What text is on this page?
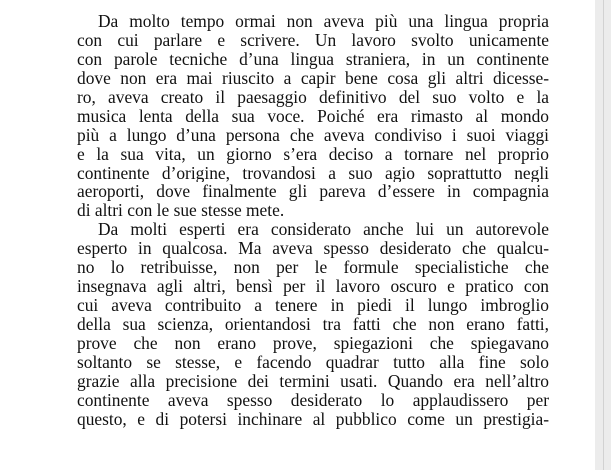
Da molto tempo ormai non aveva più una lingua propria
con cui parlare e scrivere. Un lavoro svolto unicamente
con parole tecniche d’una lingua straniera, in un continente
dove non era mai riuscito a capir bene cosa gli altri dicesse-
ro, aveva creato il paesaggio definitivo del suo volto e la
musica lenta della sua voce. Poiché era rimasto al mondo
più a lungo d’una persona che aveva condiviso i suoi viaggi
e la sua vita, un giorno s’era deciso a tornare nel proprio
continente d’origine, trovandosi a suo agio soprattutto negli
aeroporti, dove finalmente gli pareva d’essere in compagnia
di altri con le sue stesse mete.
Da molti esperti era considerato anche lui un autorevole
esperto in qualcosa. Ma aveva spesso desiderato che qualcu-
no lo retribuisse, non per le formule specialistiche che
insegnava agli altri, bensì per il lavoro oscuro e pratico con
cui aveva contribuito a tenere in piedi il lungo imbroglio
della sua scienza, orientandosi tra fatti che non erano fatti,
prove che non erano prove, spiegazioni che spiegavano
soltanto se stesse, e facendo quadrar tutto alla fine solo
grazie alla precisione dei termini usati. Quando era nell’altro
continente aveva spesso desiderato lo applaudissero per
questo, e di potersi inchinare al pubblico come un prestigia-
